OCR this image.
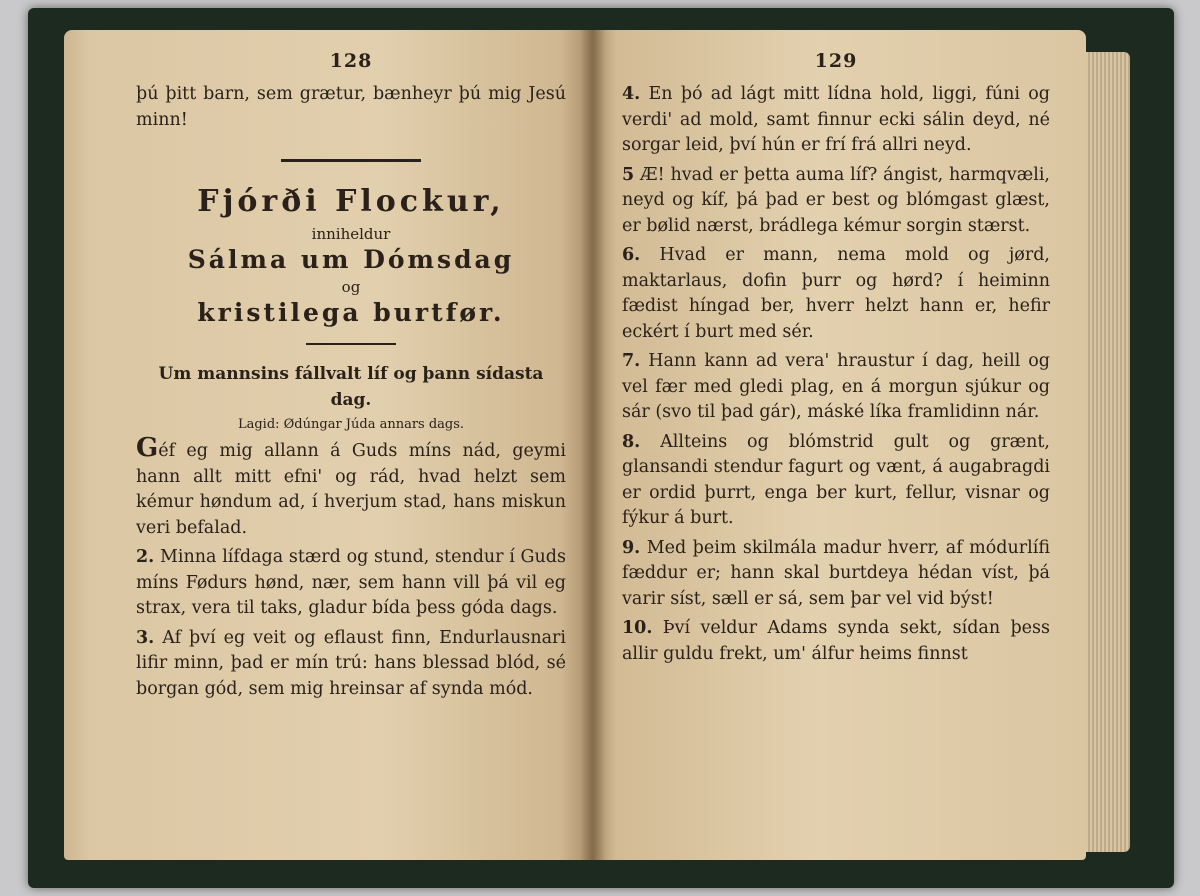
128

þú þitt barn, sem grætur, bænheyr þú mig Jesú minn!

Fjórði Flockur,
inniheldur
Sálma um Dómsdag
og
kristilega burtfør.
Um mannsins fállvalt líf og þann sídasta dag.
Lagid: Ødúngar Júda annars dags.

Géf eg mig allann á Guds míns nád, geymi hann allt mitt efni' og rád, hvad helzt sem kémur høndum ad, í hverjum stad, hans miskun veri befalad.

2. Minna lífdaga stærd og stund, stendur í Guds míns Fødurs hønd, nær, sem hann vill þá vil eg strax, vera til taks, gladur bída þess góda dags.

3. Af því eg veit og eflaust finn, Endurlausnari lifir minn, þad er mín trú: hans blessad blód, sé borgan gód, sem mig hreinsar af synda mód.

129

4. En þó ad lágt mitt lídna hold, liggi, fúni og verdi' ad mold, samt finnur ecki sálin deyd, né sorgar leid, því hún er frí frá allri neyd.

5 Æ! hvad er þetta auma líf? ángist, harmqvæli, neyd og kíf, þá þad er best og blómgast glæst, er bølid nærst, brádlega kémur sorgin stærst.

6. Hvad er mann, nema mold og jørd, maktarlaus, dofin þurr og hørd? í heiminn fædist híngad ber, hverr helzt hann er, hefir eckért í burt med sér.

7. Hann kann ad vera' hraustur í dag, heill og vel fær med gledi plag, en á morgun sjúkur og sár (svo til þad gár), máské líka framlidinn nár.

8. Allteins og blómstrid gult og grænt, glansandi stendur fagurt og vænt, á augabragdi er ordid þurrt, enga ber kurt, fellur, visnar og fýkur á burt.

9. Med þeim skilmála madur hverr, af módurlífi fæddur er; hann skal burtdeya hédan víst, þá varir síst, sæll er sá, sem þar vel vid býst!

10. Því veldur Adams synda sekt, sídan þess allir guldu frekt, um' álfur heims finnst
